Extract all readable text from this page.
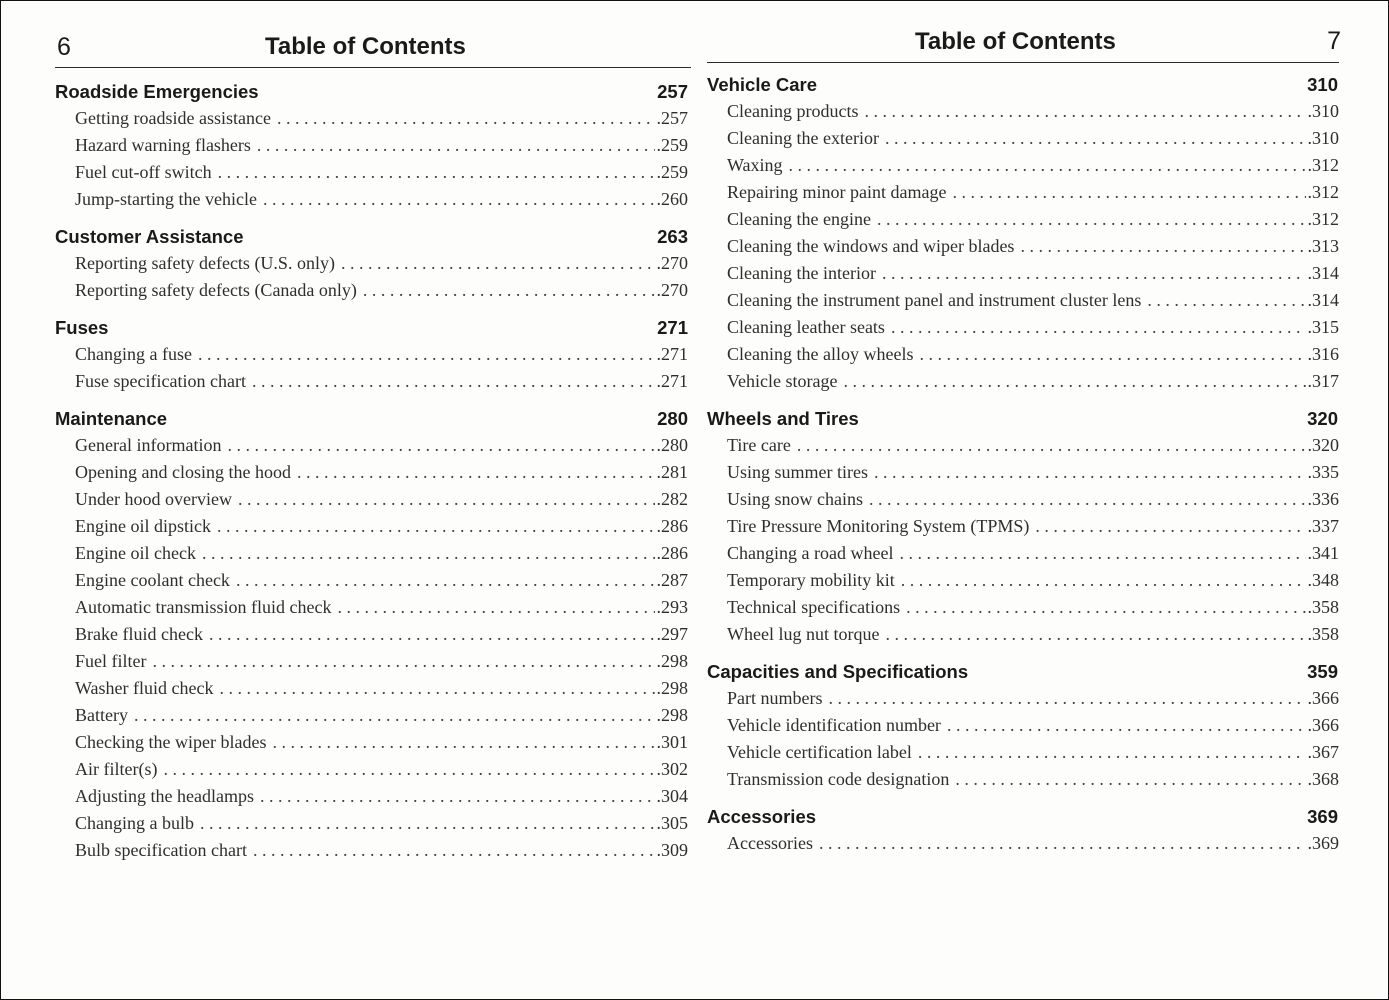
6	Table of Contents
Roadside Emergencies	257
Getting roadside assistance . . .	.257
Hazard warning flashers . . .	.259
Fuel cut-off switch . . .	.259
Jump-starting the vehicle . . .	.260
Customer Assistance	263
Reporting safety defects (U.S. only) . . .	.270
Reporting safety defects (Canada only) . . .	.270
Fuses	271
Changing a fuse . . .	.271
Fuse specification chart . . .	.271
Maintenance	280
General information . . .	.280
Opening and closing the hood . . .	.281
Under hood overview . . .	.282
Engine oil dipstick . . .	.286
Engine oil check . . .	.286
Engine coolant check . . .	.287
Automatic transmission fluid check . . .	.293
Brake fluid check . . .	.297
Fuel filter . . .	.298
Washer fluid check . . .	.298
Battery . . .	.298
Checking the wiper blades . . .	.301
Air filter(s) . . .	.302
Adjusting the headlamps . . .	.304
Changing a bulb . . .	.305
Bulb specification chart . . .	.309
Table of Contents	7
Vehicle Care	310
Cleaning products . . .	.310
Cleaning the exterior . . .	.310
Waxing . . .	.312
Repairing minor paint damage . . .	.312
Cleaning the engine . . .	.312
Cleaning the windows and wiper blades . . .	.313
Cleaning the interior . . .	.314
Cleaning the instrument panel and instrument cluster lens . . .	.314
Cleaning leather seats . . .	.315
Cleaning the alloy wheels . . .	.316
Vehicle storage . . .	.317
Wheels and Tires	320
Tire care . . .	.320
Using summer tires . . .	.335
Using snow chains . . .	.336
Tire Pressure Monitoring System (TPMS) . . .	.337
Changing a road wheel . . .	.341
Temporary mobility kit . . .	.348
Technical specifications . . .	.358
Wheel lug nut torque . . .	.358
Capacities and Specifications	359
Part numbers . . .	.366
Vehicle identification number . . .	.366
Vehicle certification label . . .	.367
Transmission code designation . . .	.368
Accessories	369
Accessories . . .	.369
